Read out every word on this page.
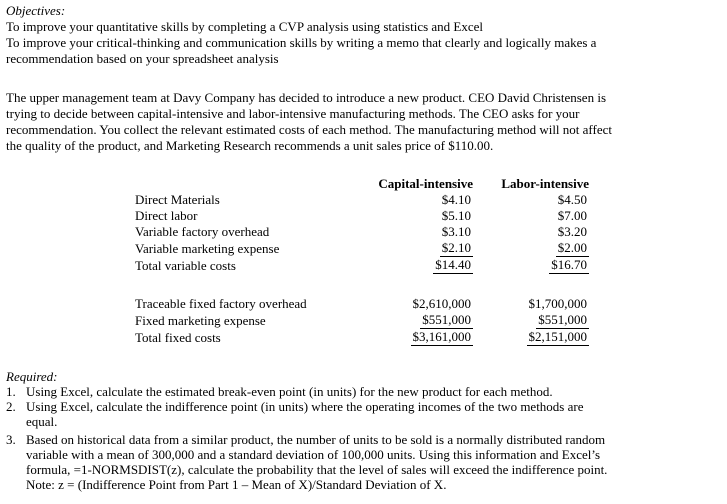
Objectives:
To improve your quantitative skills by completing a CVP analysis using statistics and Excel
To improve your critical-thinking and communication skills by writing a memo that clearly and logically makes a
recommendation based on your spreadsheet analysis
The upper management team at Davy Company has decided to introduce a new product. CEO David Christensen is
trying to decide between capital-intensive and labor-intensive manufacturing methods. The CEO asks for your
recommendation. You collect the relevant estimated costs of each method. The manufacturing method will not affect
the quality of the product, and Marketing Research recommends a unit sales price of $110.00.
	Capital-intensive	Labor-intensive
Direct Materials	$4.10	$4.50
Direct labor	$5.10	$7.00
Variable factory overhead	$3.10	$3.20
Variable marketing expense	$2.10	$2.00
Total variable costs	$14.40	$16.70

Traceable fixed factory overhead	$2,610,000	$1,700,000
Fixed marketing expense	$551,000	$551,000
Total fixed costs	$3,161,000	$2,151,000
Required:
1. Using Excel, calculate the estimated break-even point (in units) for the new product for each method.
2. Using Excel, calculate the indifference point (in units) where the operating incomes of the two methods are
equal.
3. Based on historical data from a similar product, the number of units to be sold is a normally distributed random
variable with a mean of 300,000 and a standard deviation of 100,000 units. Using this information and Excel’s
formula, =1-NORMSDIST(z), calculate the probability that the level of sales will exceed the indifference point.
Note: z = (Indifference Point from Part 1 – Mean of X)/Standard Deviation of X.
